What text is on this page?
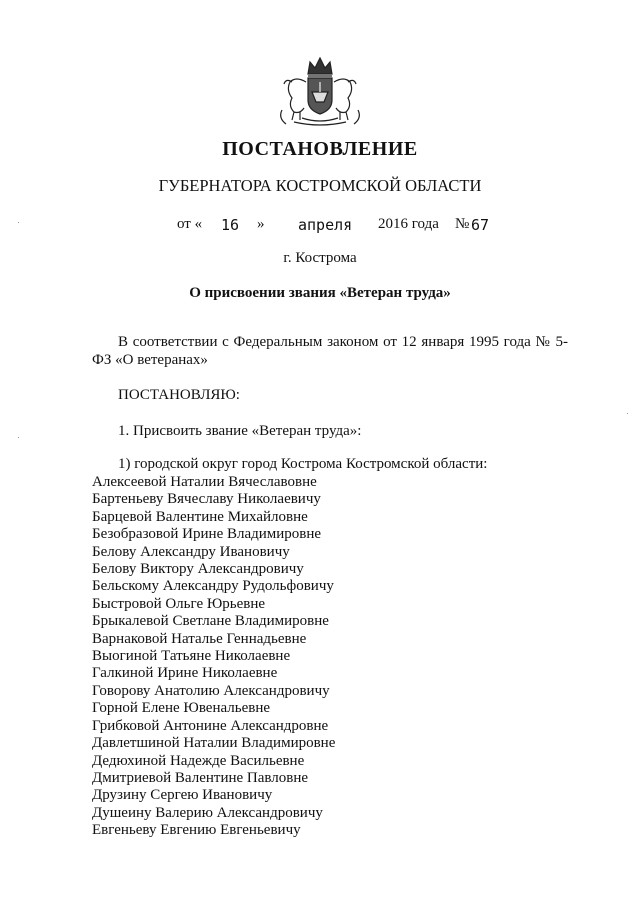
ПОСТАНОВЛЕНИЕ
ГУБЕРНАТОРА КОСТРОМСКОЙ ОБЛАСТИ
от « 16 » апреля 2016 года № 67
г. Кострома
О присвоении звания «Ветеран труда»
В соответствии с Федеральным законом от 12 января 1995 года № 5-ФЗ «О ветеранах»
ПОСТАНОВЛЯЮ:
1. Присвоить звание «Ветеран труда»:
1) городской округ город Кострома Костромской области:
Алексеевой Наталии Вячеславовне
Бартеньеву Вячеславу Николаевичу
Барцевой Валентине Михайловне
Безобразовой Ирине Владимировне
Белову Александру Ивановичу
Белову Виктору Александровичу
Бельскому Александру Рудольфовичу
Быстровой Ольге Юрьевне
Брыкалевой Светлане Владимировне
Варнаковой Наталье Геннадьевне
Выогиной Татьяне Николаевне
Галкиной Ирине Николаевне
Говорову Анатолию Александровичу
Горной Елене Ювенальевне
Грибковой Антонине Александровне
Давлетшиной Наталии Владимировне
Дедюхиной Надежде Васильевне
Дмитриевой Валентине Павловне
Друзину Сергею Ивановичу
Душеину Валерию Александровичу
Евгеньеву Евгению Евгеньевичу
